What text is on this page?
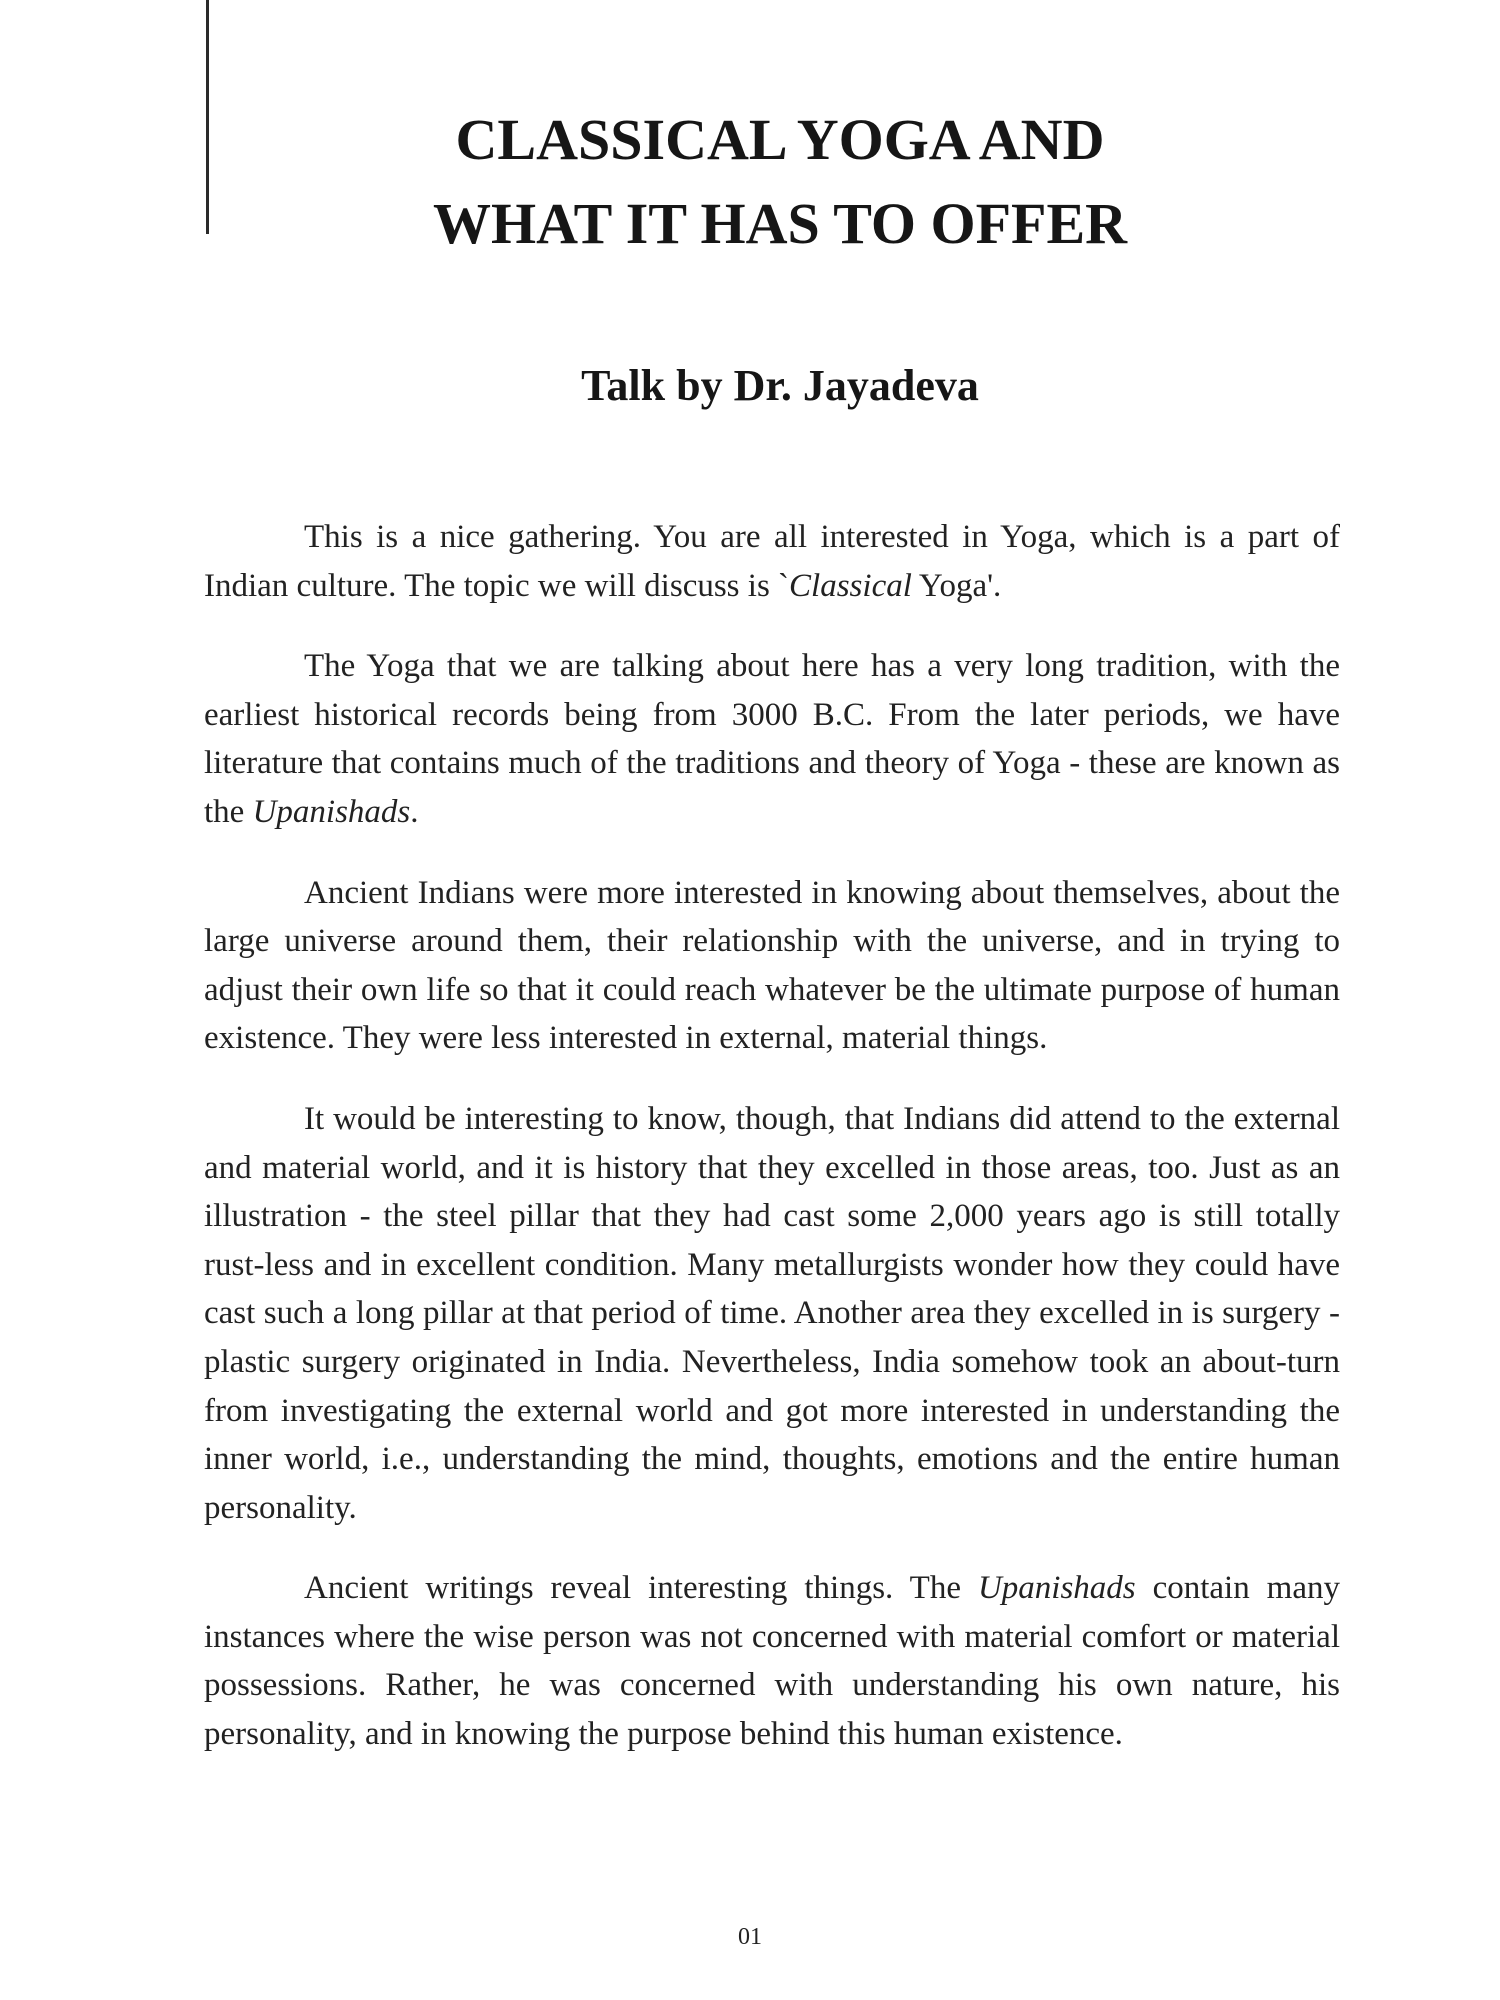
CLASSICAL YOGA AND
WHAT IT HAS TO OFFER
Talk by Dr. Jayadeva

This is a nice gathering. You are all interested in Yoga, which is a part of Indian culture. The topic we will discuss is `Classical Yoga'.

The Yoga that we are talking about here has a very long tradition, with the earliest historical records being from 3000 B.C. From the later periods, we have literature that contains much of the traditions and theory of Yoga - these are known as the Upanishads.

Ancient Indians were more interested in knowing about themselves, about the large universe around them, their relationship with the universe, and in trying to adjust their own life so that it could reach whatever be the ultimate purpose of human existence. They were less interested in external, material things.

It would be interesting to know, though, that Indians did attend to the external and material world, and it is history that they excelled in those areas, too. Just as an illustration - the steel pillar that they had cast some 2,000 years ago is still totally rust-less and in excellent condition. Many metallurgists wonder how they could have cast such a long pillar at that period of time. Another area they excelled in is surgery - plastic surgery originated in India. Nevertheless, India somehow took an about-turn from investigating the external world and got more interested in understanding the inner world, i.e., understanding the mind, thoughts, emotions and the entire human personality.

Ancient writings reveal interesting things. The Upanishads contain many instances where the wise person was not concerned with material comfort or material possessions. Rather, he was concerned with understanding his own nature, his personality, and in knowing the purpose behind this human existence.

01
